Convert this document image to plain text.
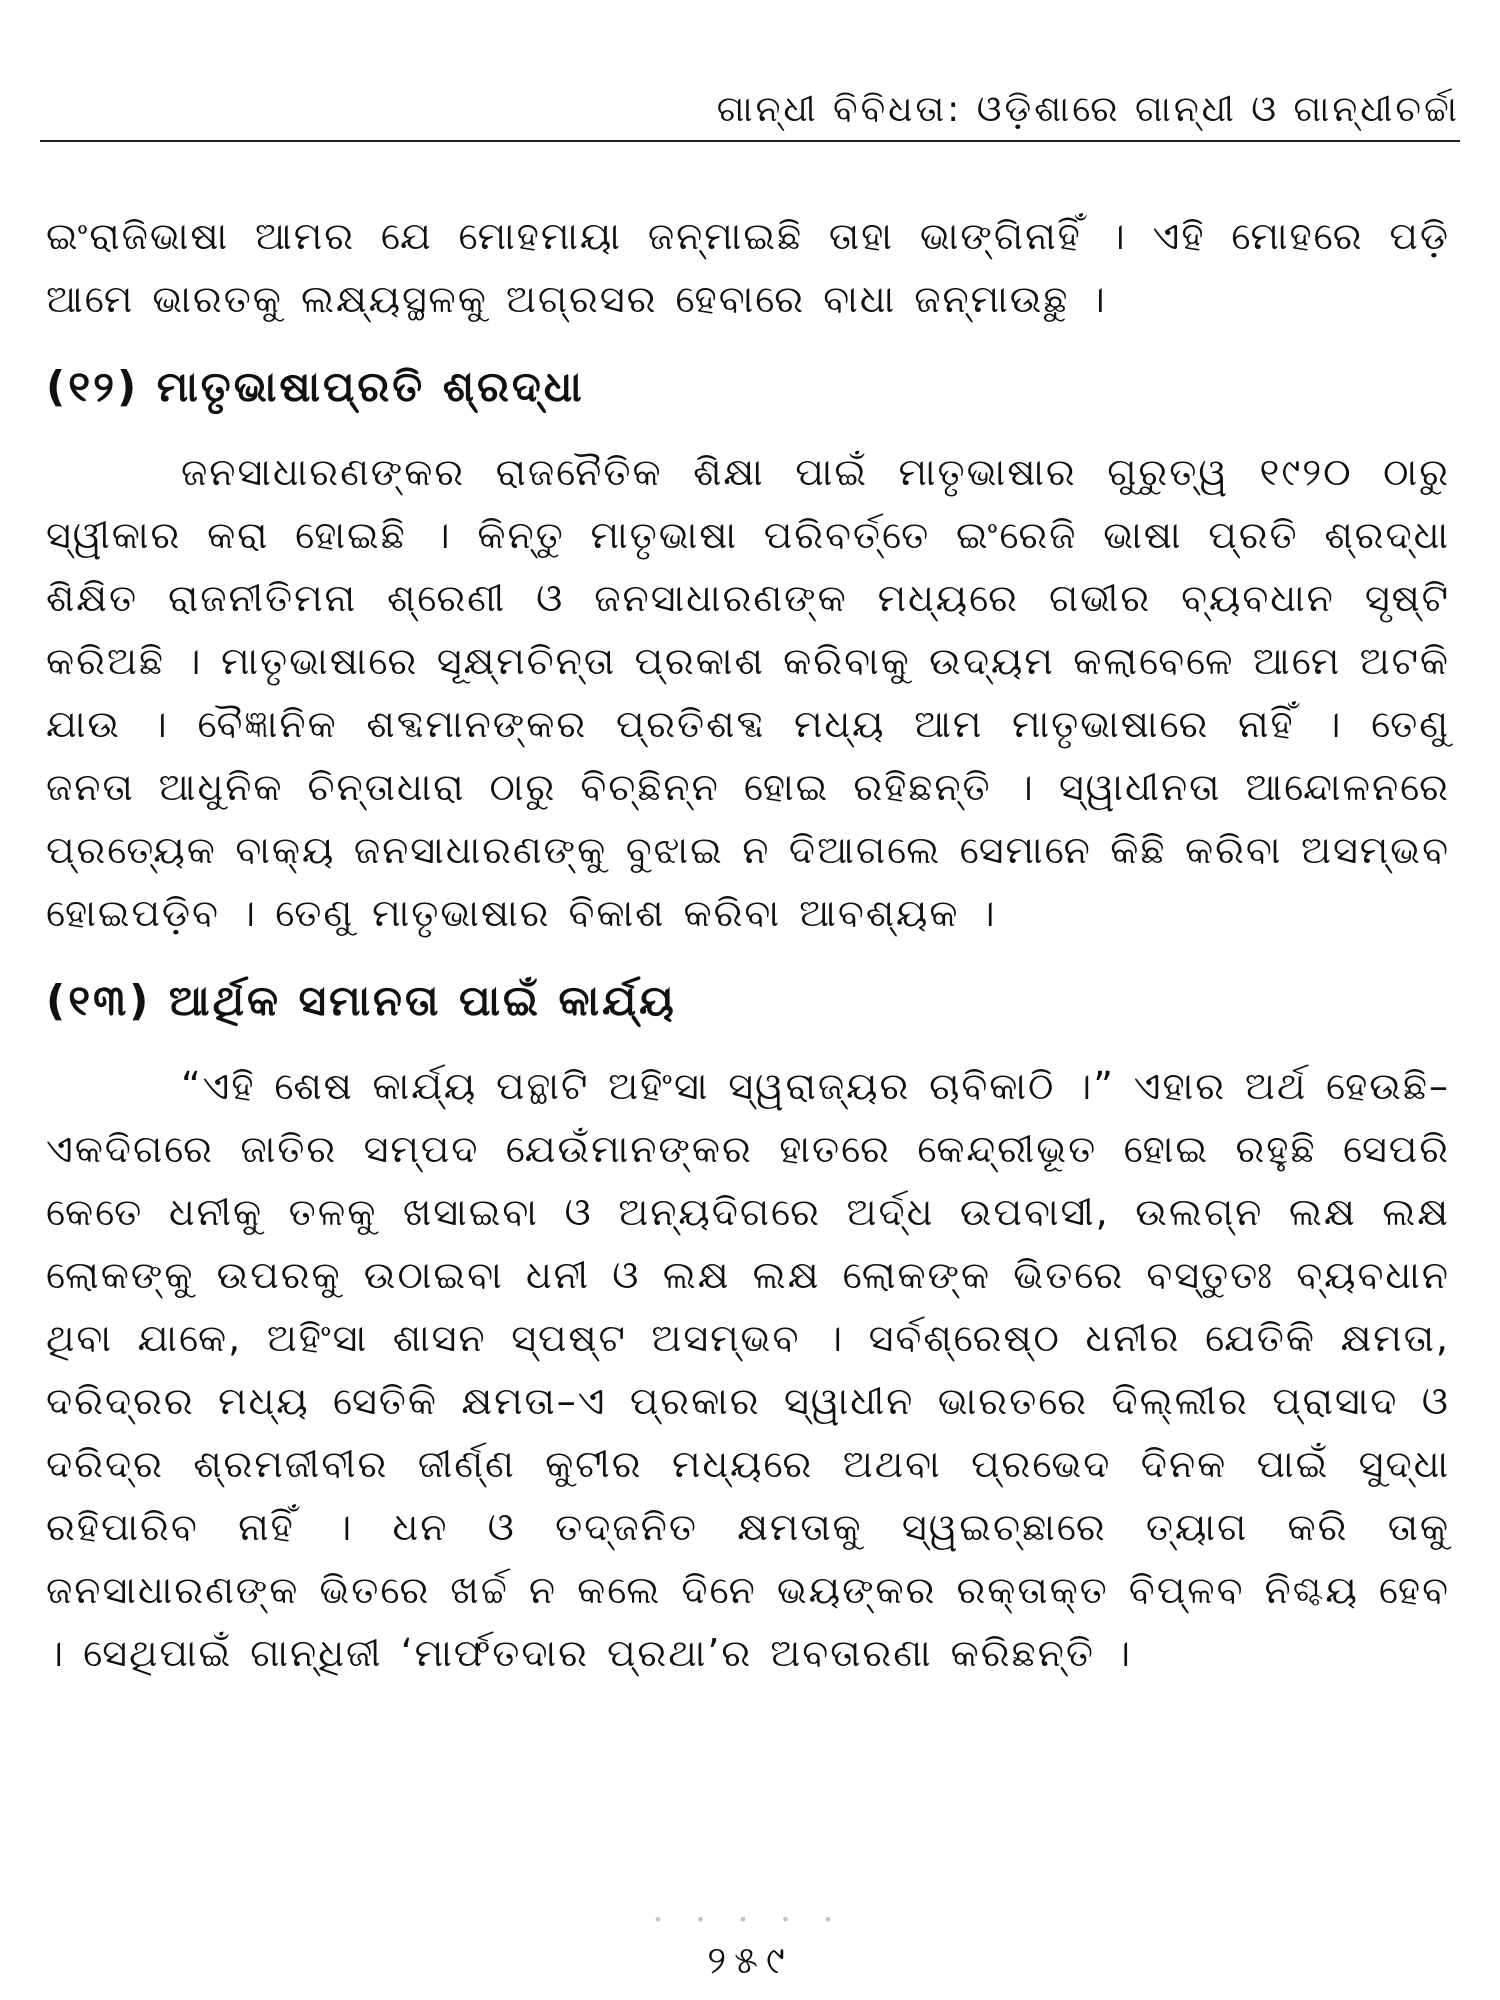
ଗାନ୍ଧୀ ବିବିଧତା: ଓଡ଼ିଶାରେ ଗାନ୍ଧୀ ଓ ଗାନ୍ଧୀଚର୍ଚ୍ଚା

ଇଂରାଜିଭାଷା ଆମର ଯେ ମୋହମାୟା ଜନ୍ମାଇଛି ତାହା ଭାଙ୍ଗିନାହିଁ । ଏହି ମୋହରେ ପଡ଼ି ଆମେ ଭାରତକୁ ଲକ୍ଷ୍ୟସ୍ଥଳକୁ ଅଗ୍ରସର ହେବାରେ ବାଧା ଜନ୍ମାଉଛୁ ।

(୧୨) ମାତୃଭାଷାପ୍ରତି ଶ୍ରଦ୍ଧା

ଜନସାଧାରଣଙ୍କର ରାଜନୈତିକ ଶିକ୍ଷା ପାଇଁ ମାତୃଭାଷାର ଗୁରୁତ୍ୱ ୧୯୨୦ ଠାରୁ ସ୍ୱୀକାର କରା ହୋଇଛି । କିନ୍ତୁ ମାତୃଭାଷା ପରିବର୍ତ୍ତେ ଇଂରେଜି ଭାଷା ପ୍ରତି ଶ୍ରଦ୍ଧା ଶିକ୍ଷିତ ରାଜନୀତିମନା ଶ୍ରେଣୀ ଓ ଜନସାଧାରଣଙ୍କ ମଧ୍ୟରେ ଗଭୀର ବ୍ୟବଧାନ ସୃଷ୍ଟି କରିଅଛି । ମାତୃଭାଷାରେ ସୂକ୍ଷ୍ମଚିନ୍ତା ପ୍ରକାଶ କରିବାକୁ ଉଦ୍ୟମ କଲାବେଳେ ଆମେ ଅଟକି ଯାଉ । ବୈଜ୍ଞାନିକ ଶବ୍ଦମାନଙ୍କର ପ୍ରତିଶବ୍ଦ ମଧ୍ୟ ଆମ ମାତୃଭାଷାରେ ନାହିଁ । ତେଣୁ ଜନତା ଆଧୁନିକ ଚିନ୍ତାଧାରା ଠାରୁ ବିଚ୍ଛିନ୍ନ ହୋଇ ରହିଛନ୍ତି । ସ୍ୱାଧୀନତା ଆନ୍ଦୋଳନରେ ପ୍ରତ୍ୟେକ ବାକ୍ୟ ଜନସାଧାରଣଙ୍କୁ ବୁଝାଇ ନ ଦିଆଗଲେ ସେମାନେ କିଛି କରିବା ଅସମ୍ଭବ ହୋଇପଡ଼ିବ । ତେଣୁ ମାତୃଭାଷାର ବିକାଶ କରିବା ଆବଶ୍ୟକ ।

(୧୩) ଆର୍ଥିକ ସମାନତା ପାଇଁ କାର୍ଯ୍ୟ

“ଏହି ଶେଷ କାର୍ଯ୍ୟ ପନ୍ଥାଟି ଅହିଂସା ସ୍ୱରାଜ୍ୟର ଚାବିକାଠି ।” ଏହାର ଅର୍ଥ ହେଉଛି–ଏକଦିଗରେ ଜାତିର ସମ୍ପଦ ଯେଉଁମାନଙ୍କର ହାତରେ କେନ୍ଦ୍ରୀଭୂତ ହୋଇ ରହୁଛି ସେପରି କେତେ ଧନୀକୁ ତଳକୁ ଖସାଇବା ଓ ଅନ୍ୟଦିଗରେ ଅର୍ଦ୍ଧ ଉପବାସୀ, ଉଲଗ୍ନ ଲକ୍ଷ ଲକ୍ଷ ଲୋକଙ୍କୁ ଉପରକୁ ଉଠାଇବା ଧନୀ ଓ ଲକ୍ଷ ଲକ୍ଷ ଲୋକଙ୍କ ଭିତରେ ବସ୍ତୁତଃ ବ୍ୟବଧାନ ଥିବା ଯାକେ, ଅହିଂସା ଶାସନ ସ୍ପଷ୍ଟ ଅସମ୍ଭବ । ସର୍ବଶ୍ରେଷ୍ଠ ଧନୀର ଯେତିକି କ୍ଷମତା, ଦରିଦ୍ରର ମଧ୍ୟ ସେତିକି କ୍ଷମତା–ଏ ପ୍ରକାର ସ୍ୱାଧୀନ ଭାରତରେ ଦିଲ୍ଲୀର ପ୍ରାସାଦ ଓ ଦରିଦ୍ର ଶ୍ରମଜୀବୀର ଜୀର୍ଣ୍ଣ କୁଟୀର ମଧ୍ୟରେ ଅଥବା ପ୍ରଭେଦ ଦିନକ ପାଇଁ ସୁଦ୍ଧା ରହିପାରିବ ନାହିଁ । ଧନ ଓ ତଦ୍‌ଜନିତ କ୍ଷମତାକୁ ସ୍ୱଇଚ୍ଛାରେ ତ୍ୟାଗ କରି ତାକୁ ଜନସାଧାରଣଙ୍କ ଭିତରେ ଖର୍ଚ୍ଚ ନ କଲେ ଦିନେ ଭୟଙ୍କର ରକ୍ତାକ୍ତ ବିପ୍ଳବ ନିଶ୍ଚୟ ହେବ । ସେଥିପାଇଁ ଗାନ୍ଧିଜୀ ‘ମାର୍ଫତଦାର ପ୍ରଥା’ର ଅବତାରଣା କରିଛନ୍ତି ।

• • • • •
୨୫୯
